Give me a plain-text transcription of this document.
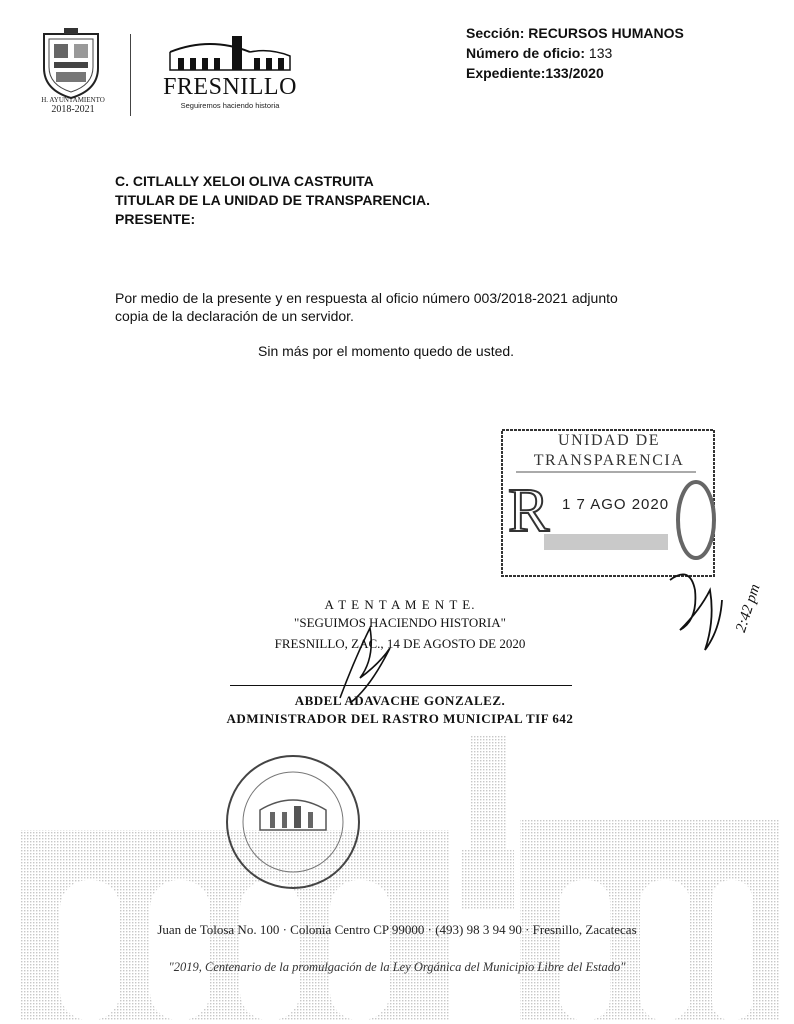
H. AYUNTAMIENTO
2018-2021
FRESNILLO
Seguiremos haciendo historia
Sección: RECURSOS HUMANOS
Número de oficio: 133
Expediente:133/2020
C. CITLALLY XELOI OLIVA CASTRUITA
TITULAR DE LA UNIDAD DE TRANSPARENCIA.
PRESENTE:
Por medio de la presente y en respuesta al oficio número 003/2018-2021 adjunto
copia de la declaración de un servidor.
Sin más por el momento quedo de usted.
UNIDAD DE
TRANSPARENCIA
R 1 7 AGO 2020
2:42 pm
A T E N T A M E N T E.
"SEGUIMOS HACIENDO HISTORIA"
FRESNILLO, ZAC., 14 DE AGOSTO DE 2020
ABDEL ADAVACHE GONZALEZ.
ADMINISTRADOR DEL RASTRO MUNICIPAL TIF 642
Juan de Tolosa No. 100 · Colonia Centro CP 99000 · (493) 98 3 94 90 · Fresnillo, Zacatecas
"2019, Centenario de la promulgación de la Ley Orgánica del Municipio Libre del Estado"
